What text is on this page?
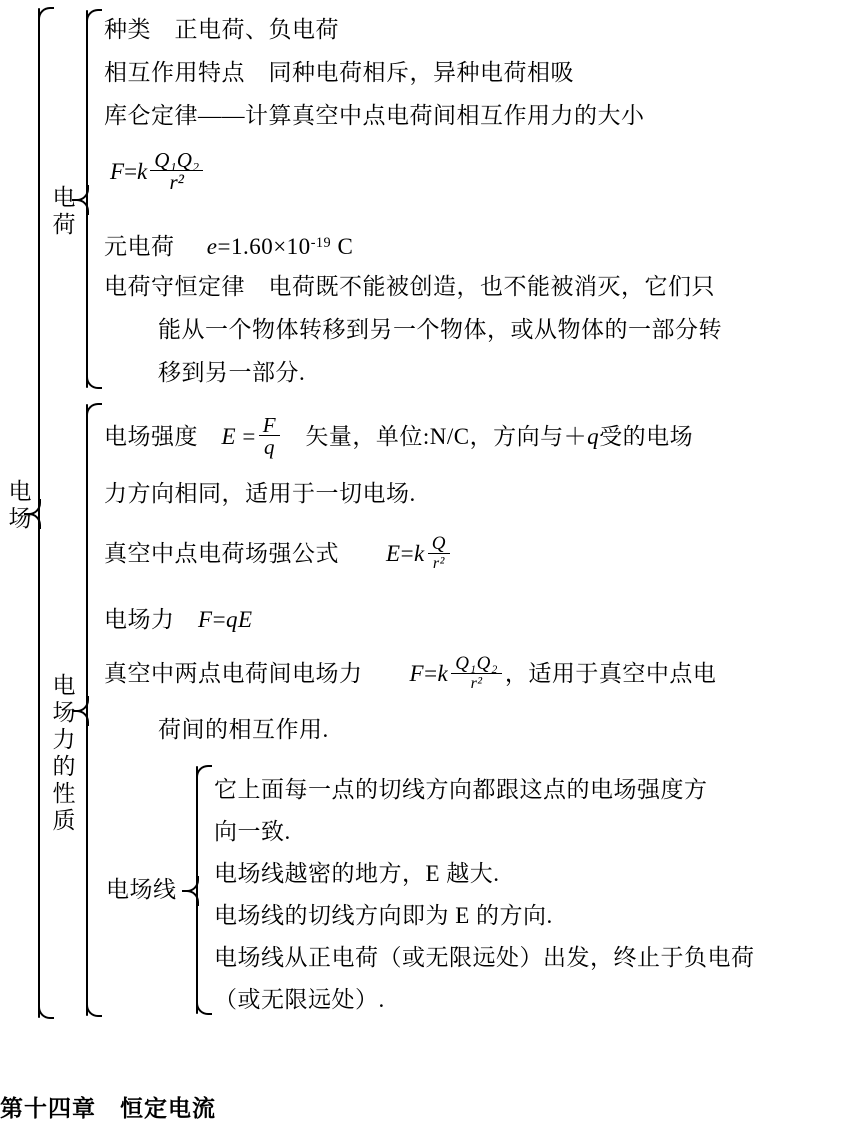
电场
电荷
种类　正电荷、负电荷
相互作用特点　同种电荷相斥，异种电荷相吸
库仑定律——计算真空中点电荷间相互作用力的大小
$F=k \frac{\text{Q₁Q₂}}{\text{r²}}$
元电荷 $e=1.60\times 10^{-19}$ C
电荷守恒定律　电荷既不能被创造，也不能被消灭，它们只
能从一个物体转移到另一个物体，或从物体的一部分转
移到另一部分.
电
场
力
的
性
质
电场强度　$E = \frac{F}{q}$ 矢量，单位:N/C，方向与＋q受的电场
力方向相同，适用于一切电场.
真空中点电荷场强公式　　$E=k \frac{Q}{\text{r²}}$
电场力　F=qE
真空中两点电荷间电场力　　$F=k \frac{\text{Q₁Q₂}}{\text{r²}}$ ，适用于真空中点电
荷间的相互作用.
电场线
它上面每一点的切线方向都跟这点的电场强度方
向一致.
电场线越密的地方，E 越大.
电场线的切线方向即为 E 的方向.
电场线从正电荷（或无限远处）出发，终止于负电荷
（或无限远处）.
第十四章　恒定电流
